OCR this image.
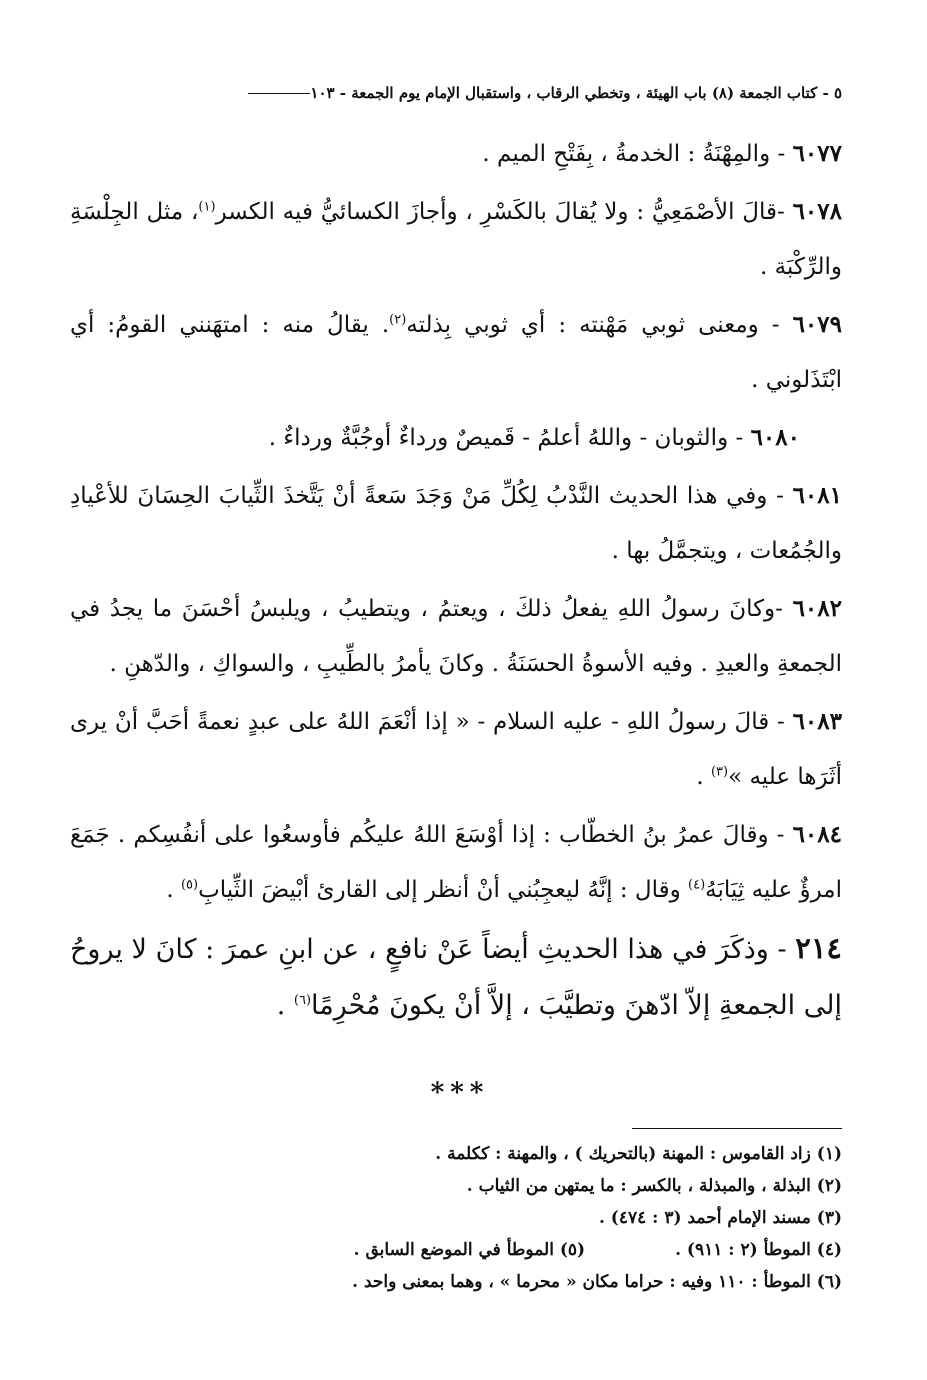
٥ - كتاب الجمعة (٨) باب الهيئة ، وتخطي الرقاب ، واستقبال الإمام يوم الجمعة - ١٠٣

٦٠٧٧ - والمِهْنَةُ : الخدمةُ ، بِفَتْحِ الميم .

٦٠٧٨ -قالَ الأصْمَعِيُّ : ولا يُقالَ بالكَسْرِ ، وأجازَ الكسائيُّ فيه الكسر$^{(١)}$، مثل الجِلْسَةِ والرِّكْبَة .

٦٠٧٩ - ومعنى ثوبي مَهْنته : أي ثوبي بِذلته$^{(٢)}$. يقالُ منه : امتهَنني القومُ: أي ابْتَذَلوني .

٦٠٨٠ - والثوبان - واللهُ أعلمُ - قَميصٌ ورداءٌ أوجُبَّةٌ ورداءٌ .

٦٠٨١ - وفي هذا الحديث النَّدْبُ لِكُلِّ مَنْ وَجَدَ سَعةً أنْ يَتَّخذَ الثِّيابَ الحِسَانَ للأعْيادِ والجُمُعات ، ويتجمَّلُ بها .

٦٠٨٢ -وكانَ رسولُ اللهِ يفعلُ ذلكَ ، ويعتمُ ، ويتطيبُ ، ويلبسُ أحْسَنَ ما يجدُ في الجمعةِ والعيدِ . وفيه الأسوةُ الحسَنَةُ . وكانَ يأمرُ بالطِّيبِ ، والسواكِ ، والدّهنِ .

٦٠٨٣ - قالَ رسولُ اللهِ - عليه السلام - « إذا أنْعَمَ اللهُ على عبدٍ نعمةً أحَبَّ أنْ يرى أثَرَها عليه »$^{(٣)}$ .

٦٠٨٤ - وقالَ عمرُ بنُ الخطّاب : إذا أوْسَعَ اللهُ عليكُم فأوسعُوا على أنفُسِكم . جَمَعَ امرؤٌ عليه ثِيَابَهُ$^{(٤)}$ وقال : إنَّهُ ليعجِبُني أنْ أنظر إلى القارئ أبْيضَ الثِّيابِ$^{(٥)}$ .

٢١٤ - وذكَرَ في هذا الحديثِ أيضاً عَنْ نافعٍ ، عن ابنِ عمرَ : كانَ لا يروحُ إلى الجمعةِ إلاّ ادّهنَ وتطيَّبَ ، إلاَّ أنْ يكونَ مُحْرِمًا$^{(٦)}$ .

***
(١) زاد القاموس : المهنة (بالتحريك ) ، والمهنة : ككلمة .
(٢) البذلة ، والمبذلة ، بالكسر : ما يمتهن من الثياب .
(٣) مسند الإمام أحمد (٣ : ٤٧٤) .
(٤) الموطأ (٢ : ٩١١) .(٥) الموطأ في الموضع السابق .
(٦) الموطأ : ١١٠ وفيه : حراما مكان « محرما » ، وهما بمعنى واحد .
